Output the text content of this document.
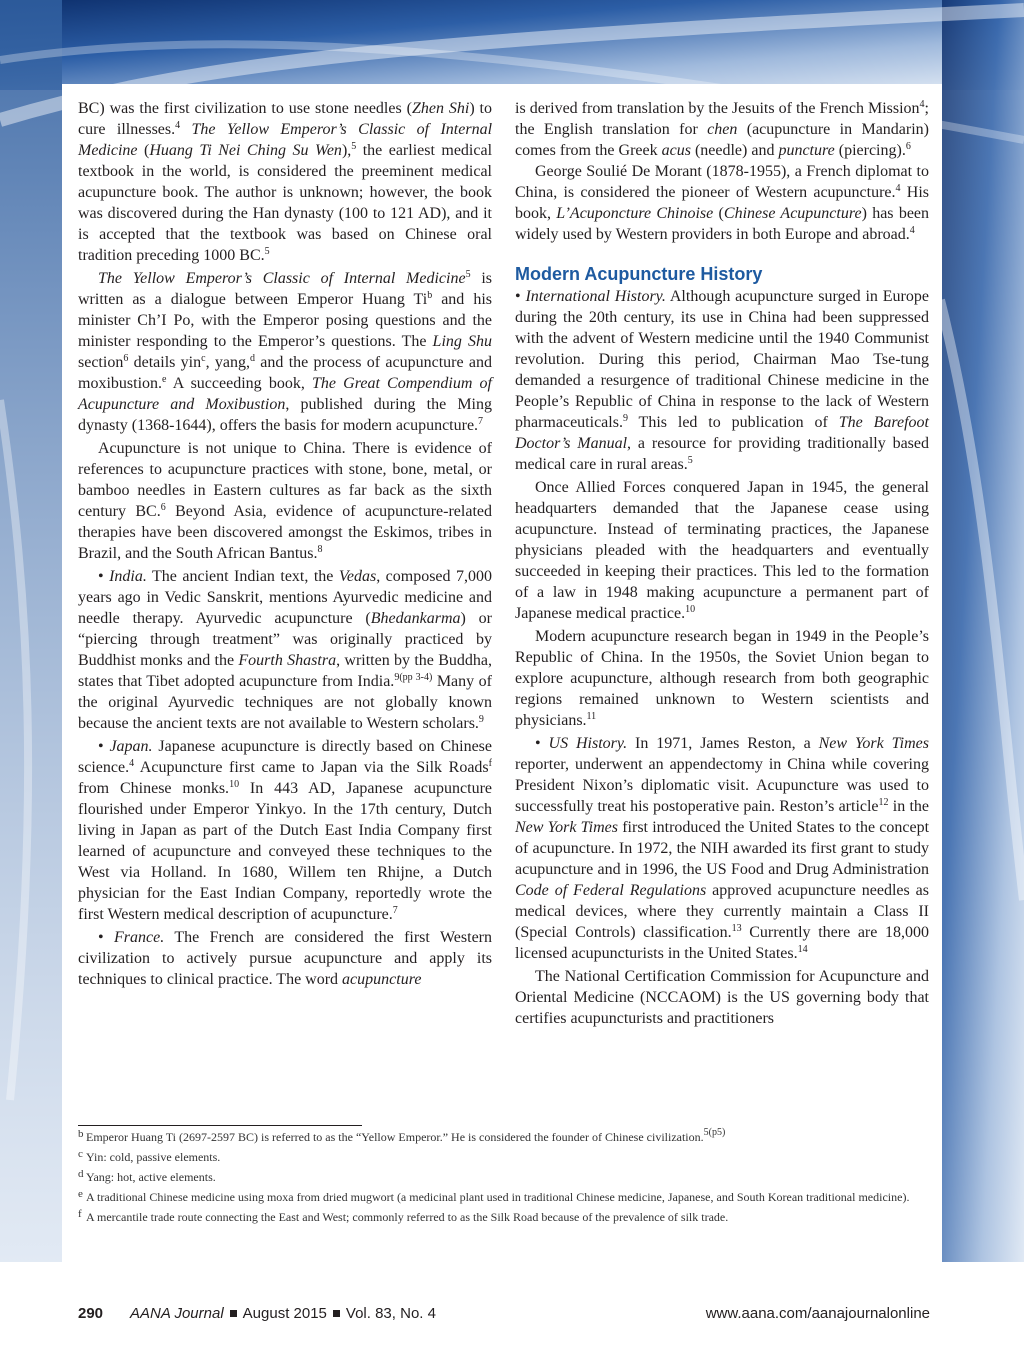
BC) was the first civilization to use stone needles (Zhen Shi) to cure illnesses.$^4$ The Yellow Emperor’s Classic of Internal Medicine (Huang Ti Nei Ching Su Wen),$^5$ the earliest medical textbook in the world, is considered the preeminent medical acupuncture book. The author is unknown; however, the book was discovered during the Han dynasty (100 to 121 AD), and it is accepted that the textbook was based on Chinese oral tradition preceding 1000 BC.$^5$

The Yellow Emperor’s Classic of Internal Medicine$^5$ is written as a dialogue between Emperor Huang Ti$^b$ and his minister Ch’I Po, with the Emperor posing questions and the minister responding to the Emperor’s questions. The Ling Shu section$^6$ details yin$^c$, yang,$^d$ and the process of acupuncture and moxibustion.$^e$ A succeeding book, The Great Compendium of Acupuncture and Moxibustion, published during the Ming dynasty (1368-1644), offers the basis for modern acupuncture.$^7$

Acupuncture is not unique to China. There is evidence of references to acupuncture practices with stone, bone, metal, or bamboo needles in Eastern cultures as far back as the sixth century BC.$^6$ Beyond Asia, evidence of acupuncture-related therapies have been discovered amongst the Eskimos, tribes in Brazil, and the South African Bantus.$^8$

• India. The ancient Indian text, the Vedas, composed 7,000 years ago in Vedic Sanskrit, mentions Ayurvedic medicine and needle therapy. Ayurvedic acupuncture (Bhedankarma) or “piercing through treatment” was originally practiced by Buddhist monks and the Fourth Shastra, written by the Buddha, states that Tibet adopted acupuncture from India.$^{9(pp 3-4)}$ Many of the original Ayurvedic techniques are not globally known because the ancient texts are not available to Western scholars.$^9$

• Japan. Japanese acupuncture is directly based on Chinese science.$^4$ Acupuncture first came to Japan via the Silk Roads$^f$ from Chinese monks.$^{10}$ In 443 AD, Japanese acupuncture flourished under Emperor Yinkyo. In the 17th century, Dutch living in Japan as part of the Dutch East India Company first learned of acupuncture and conveyed these techniques to the West via Holland. In 1680, Willem ten Rhijne, a Dutch physician for the East Indian Company, reportedly wrote the first Western medical description of acupuncture.$^7$

• France. The French are considered the first Western civilization to actively pursue acupuncture and apply its techniques to clinical practice. The word acupuncture

is derived from translation by the Jesuits of the French Mission$^4$; the English translation for chen (acupuncture in Mandarin) comes from the Greek acus (needle) and puncture (piercing).$^6$

George Soulié De Morant (1878-1955), a French diplomat to China, is considered the pioneer of Western acupuncture.$^4$ His book, L’Acuponcture Chinoise (Chinese Acupuncture) has been widely used by Western providers in both Europe and abroad.$^4$

Modern Acupuncture History

• International History. Although acupuncture surged in Europe during the 20th century, its use in China had been suppressed with the advent of Western medicine until the 1940 Communist revolution. During this period, Chairman Mao Tse-tung demanded a resurgence of traditional Chinese medicine in the People’s Republic of China in response to the lack of Western pharmaceuticals.$^9$ This led to publication of The Barefoot Doctor’s Manual, a resource for providing traditionally based medical care in rural areas.$^5$

Once Allied Forces conquered Japan in 1945, the general headquarters demanded that the Japanese cease using acupuncture. Instead of terminating practices, the Japanese physicians pleaded with the headquarters and eventually succeeded in keeping their practices. This led to the formation of a law in 1948 making acupuncture a permanent part of Japanese medical practice.$^{10}$

Modern acupuncture research began in 1949 in the People’s Republic of China. In the 1950s, the Soviet Union began to explore acupuncture, although research from both geographic regions remained unknown to Western scientists and physicians.$^{11}$

• US History. In 1971, James Reston, a New York Times reporter, underwent an appendectomy in China while covering President Nixon’s diplomatic visit. Acupuncture was used to successfully treat his postoperative pain. Reston’s article$^{12}$ in the New York Times first introduced the United States to the concept of acupuncture. In 1972, the NIH awarded its first grant to study acupuncture and in 1996, the US Food and Drug Administration Code of Federal Regulations approved acupuncture needles as medical devices, where they currently maintain a Class II (Special Controls) classification.$^{13}$ Currently there are 18,000 licensed acupuncturists in the United States.$^{14}$

The National Certification Commission for Acupuncture and Oriental Medicine (NCCAOM) is the US governing body that certifies acupuncturists and practitioners

b Emperor Huang Ti (2697-2597 BC) is referred to as the “Yellow Emperor.” He is considered the founder of Chinese civilization.$^{5(p5)}$
c Yin: cold, passive elements.
d Yang: hot, active elements.
e A traditional Chinese medicine using moxa from dried mugwort (a medicinal plant used in traditional Chinese medicine, Japanese, and South Korean traditional medicine).
f A mercantile trade route connecting the East and West; commonly referred to as the Silk Road because of the prevalence of silk trade.
290 AANA Journal August 2015 Vol. 83, No. 4	www.aana.com/aanajournalonline
